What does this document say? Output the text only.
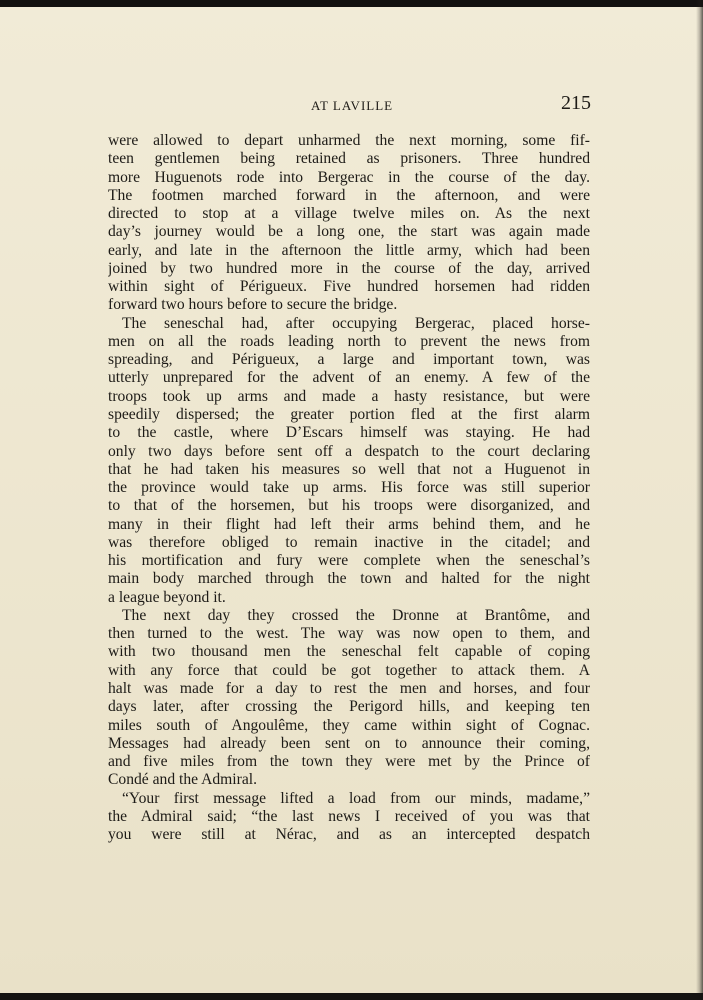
AT LAVILLE	215
were allowed to depart unharmed the next morning, some fif-
teen gentlemen being retained as prisoners. Three hundred
more Huguenots rode into Bergerac in the course of the day.
The footmen marched forward in the afternoon, and were
directed to stop at a village twelve miles on. As the next
day’s journey would be a long one, the start was again made
early, and late in the afternoon the little army, which had been
joined by two hundred more in the course of the day, arrived
within sight of Périgueux. Five hundred horsemen had ridden
forward two hours before to secure the bridge.
The seneschal had, after occupying Bergerac, placed horse-
men on all the roads leading north to prevent the news from
spreading, and Périgueux, a large and important town, was
utterly unprepared for the advent of an enemy. A few of the
troops took up arms and made a hasty resistance, but were
speedily dispersed; the greater portion fled at the first alarm
to the castle, where D’Escars himself was staying. He had
only two days before sent off a despatch to the court declaring
that he had taken his measures so well that not a Huguenot in
the province would take up arms. His force was still superior
to that of the horsemen, but his troops were disorganized, and
many in their flight had left their arms behind them, and he
was therefore obliged to remain inactive in the citadel; and
his mortification and fury were complete when the seneschal’s
main body marched through the town and halted for the night
a league beyond it.
The next day they crossed the Dronne at Brantôme, and
then turned to the west. The way was now open to them, and
with two thousand men the seneschal felt capable of coping
with any force that could be got together to attack them. A
halt was made for a day to rest the men and horses, and four
days later, after crossing the Perigord hills, and keeping ten
miles south of Angoulême, they came within sight of Cognac.
Messages had already been sent on to announce their coming,
and five miles from the town they were met by the Prince of
Condé and the Admiral.
“Your first message lifted a load from our minds, madame,”
the Admiral said; “the last news I received of you was that
you were still at Nérac, and as an intercepted despatch
